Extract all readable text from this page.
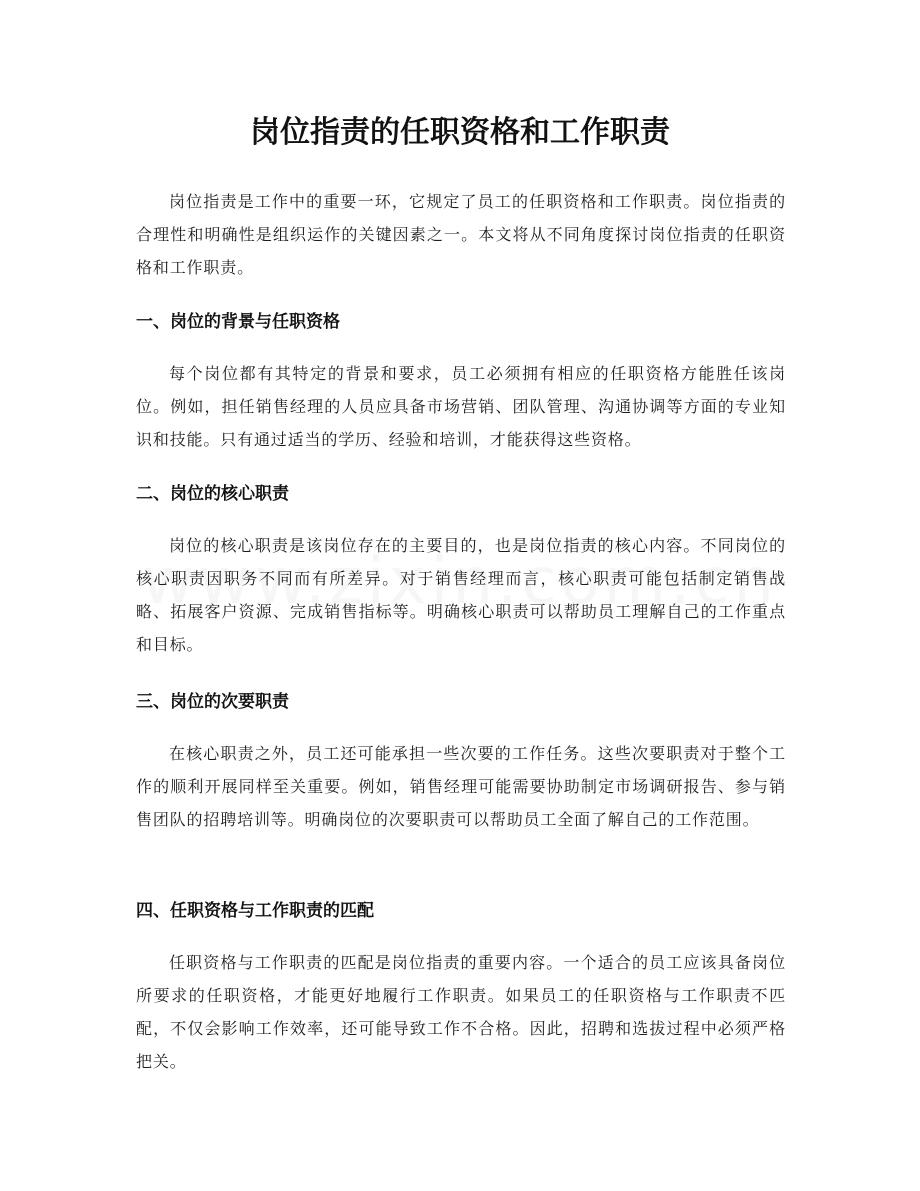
岗位指责的任职资格和工作职责

岗位指责是工作中的重要一环，它规定了员工的任职资格和工作职责。岗位指责的合理性和明确性是组织运作的关键因素之一。本文将从不同角度探讨岗位指责的任职资格和工作职责。

一、岗位的背景与任职资格

每个岗位都有其特定的背景和要求，员工必须拥有相应的任职资格方能胜任该岗位。例如，担任销售经理的人员应具备市场营销、团队管理、沟通协调等方面的专业知识和技能。只有通过适当的学历、经验和培训，才能获得这些资格。

二、岗位的核心职责

岗位的核心职责是该岗位存在的主要目的，也是岗位指责的核心内容。不同岗位的核心职责因职务不同而有所差异。对于销售经理而言，核心职责可能包括制定销售战略、拓展客户资源、完成销售指标等。明确核心职责可以帮助员工理解自己的工作重点和目标。

三、岗位的次要职责

在核心职责之外，员工还可能承担一些次要的工作任务。这些次要职责对于整个工作的顺利开展同样至关重要。例如，销售经理可能需要协助制定市场调研报告、参与销售团队的招聘培训等。明确岗位的次要职责可以帮助员工全面了解自己的工作范围。

四、任职资格与工作职责的匹配

任职资格与工作职责的匹配是岗位指责的重要内容。一个适合的员工应该具备岗位所要求的任职资格，才能更好地履行工作职责。如果员工的任职资格与工作职责不匹配，不仅会影响工作效率，还可能导致工作不合格。因此，招聘和选拔过程中必须严格把关。
